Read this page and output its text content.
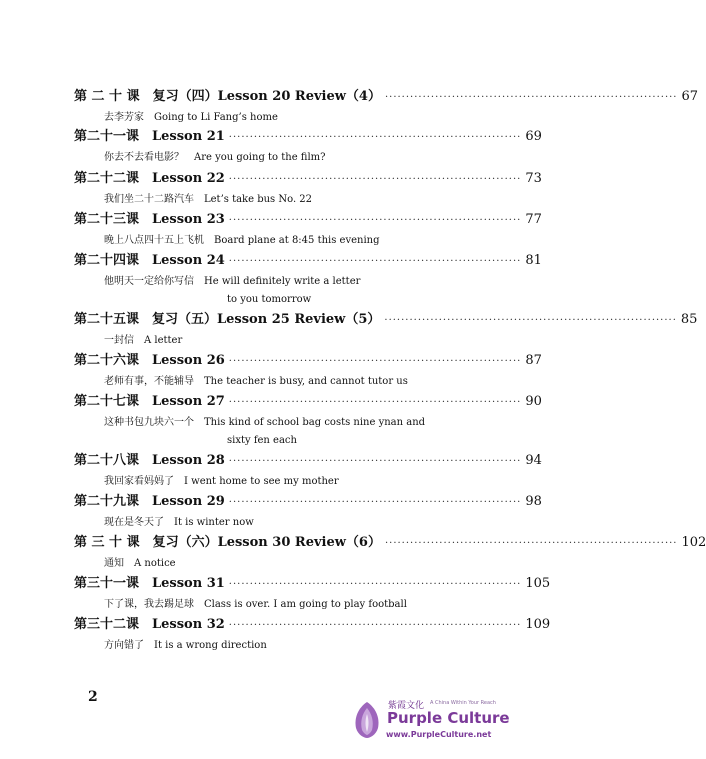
第 二 十 课　复习（四）Lesson 20 Review（4） ·····	67
去李芳家　Going to Li Fang’s home
第二十一课　Lesson 21 ·····	69
你去不去看电影？　Are you going to the film?
第二十二课　Lesson 22 ·····	73
我们坐二十二路汽车　Let’s take bus No. 22
第二十三课　Lesson 23 ·····	77
晚上八点四十五上飞机　Board plane at 8:45 this evening
第二十四课　Lesson 24 ·····	81
他明天一定给你写信　He will definitely write a letter
to you tomorrow
第二十五课　复习（五）Lesson 25 Review（5） ·····	85
一封信　A letter
第二十六课　Lesson 26 ·····	87
老师有事，不能辅导　The teacher is busy, and cannot tutor us
第二十七课　Lesson 27 ·····	90
这种书包九块六一个　This kind of school bag costs nine ynan and
sixty fen each
第二十八课　Lesson 28 ·····	94
我回家看妈妈了　I went home to see my mother
第二十九课　Lesson 29 ·····	98
现在是冬天了　It is winter now
第 三 十 课　复习（六）Lesson 30 Review（6） ·····	102
通知　A notice
第三十一课　Lesson 31 ·····	105
下了课，我去踢足球　Class is over. I am going to play football
第三十二课　Lesson 32 ·····	109
方向错了　It is a wrong direction
2
紫霞文化 A China Within Your Reach
Purple Culture
www.PurpleCulture.net
